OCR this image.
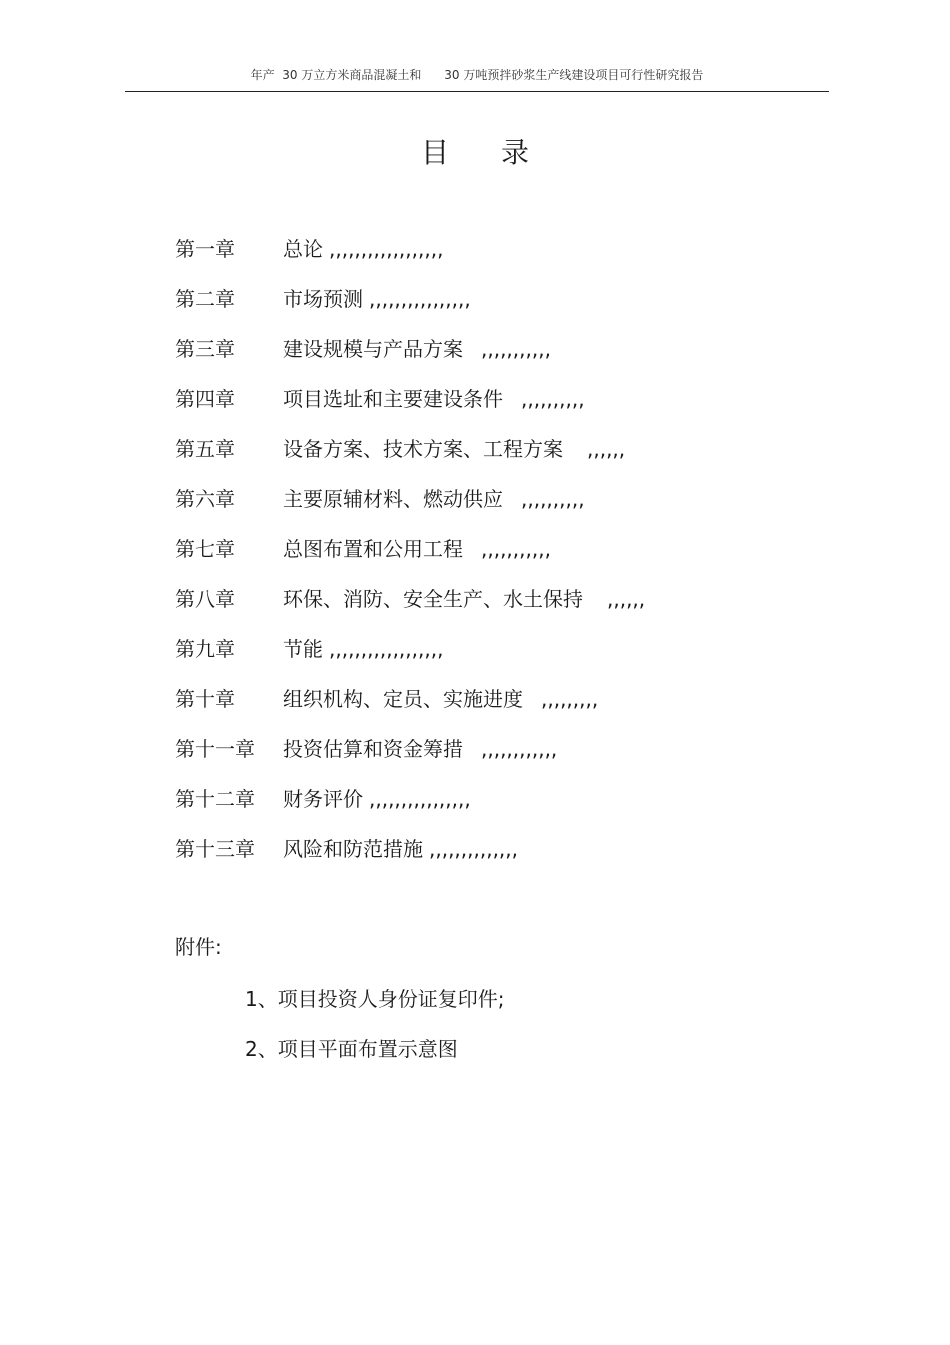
年产  30 万立方米商品混凝土和      30 万吨预拌砂浆生产线建设项目可行性研究报告
目录
第一章 总论 ,,,,,,,,,,,,,,,,,,
第二章 市场预测 ,,,,,,,,,,,,,,,,
第三章 建设规模与产品方案 ,,,,,,,,,,,
第四章 项目选址和主要建设条件 ,,,,,,,,,,
第五章 设备方案、技术方案、工程方案 ,,,,,,
第六章 主要原辅材料、燃动供应 ,,,,,,,,,,
第七章 总图布置和公用工程 ,,,,,,,,,,,
第八章 环保、消防、安全生产、水土保持 ,,,,,,
第九章 节能 ,,,,,,,,,,,,,,,,,,
第十章 组织机构、定员、实施进度 ,,,,,,,,,
第十一章 投资估算和资金筹措 ,,,,,,,,,,,,
第十二章 财务评价 ,,,,,,,,,,,,,,,,
第十三章 风险和防范措施 ,,,,,,,,,,,,,,
附件:
1、项目投资人身份证复印件;
2、项目平面布置示意图
